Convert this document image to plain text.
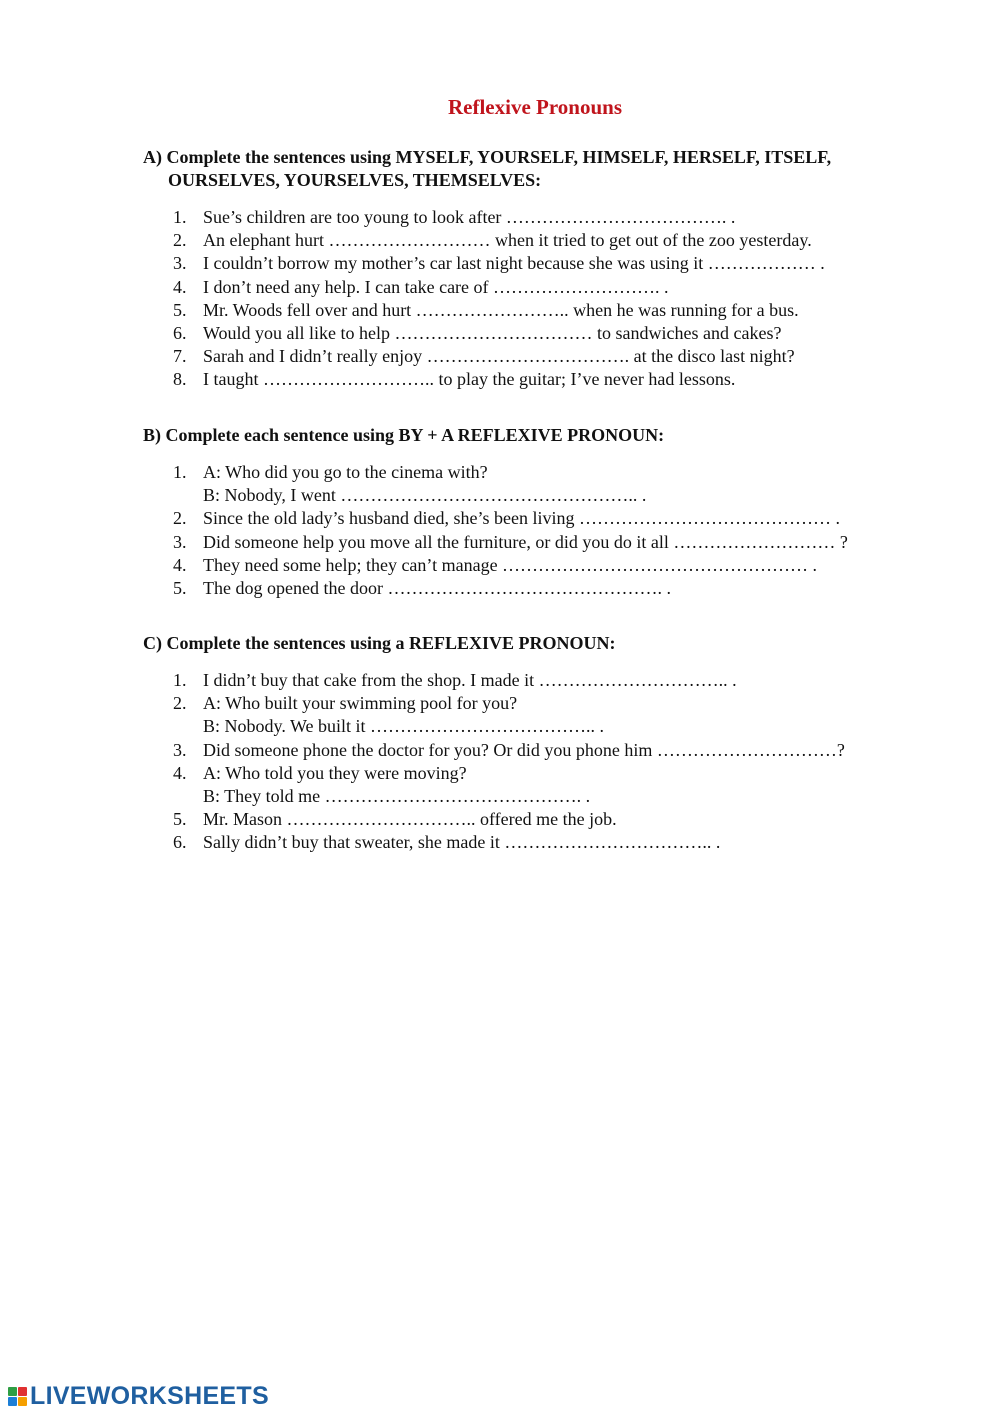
Reflexive Pronouns

A) Complete the sentences using MYSELF, YOURSELF, HIMSELF, HERSELF, ITSELF,
OURSELVES, YOURSELVES, THEMSELVES:

1. Sue’s children are too young to look after ………………………………. .
2. An elephant hurt ……………………… when it tried to get out of the zoo yesterday.
3. I couldn’t borrow my mother’s car last night because she was using it ……………… .
4. I don’t need any help. I can take care of ………………………. .
5. Mr. Woods fell over and hurt …………………….. when he was running for a bus.
6. Would you all like to help …………………………… to sandwiches and cakes?
7. Sarah and I didn’t really enjoy ……………………………. at the disco last night?
8. I taught ……………………….. to play the guitar; I’ve never had lessons.

B) Complete each sentence using BY + A REFLEXIVE PRONOUN:

1. A: Who did you go to the cinema with?
B: Nobody, I went ………………………………………….. .
2. Since the old lady’s husband died, she’s been living …………………………………… .
3. Did someone help you move all the furniture, or did you do it all ……………………… ?
4. They need some help; they can’t manage …………………………………………… .
5. The dog opened the door ………………………………………. .

C) Complete the sentences using a REFLEXIVE PRONOUN:

1. I didn’t buy that cake from the shop. I made it ………………………….. .
2. A: Who built your swimming pool for you?
B: Nobody. We built it ……………………………….. .
3. Did someone phone the doctor for you? Or did you phone him …………………………?
4. A: Who told you they were moving?
B: They told me ……………………………………. .
5. Mr. Mason ………………………….. offered me the job.
6. Sally didn’t buy that sweater, she made it …………………………….. .
LIVEWORKSHEETS
